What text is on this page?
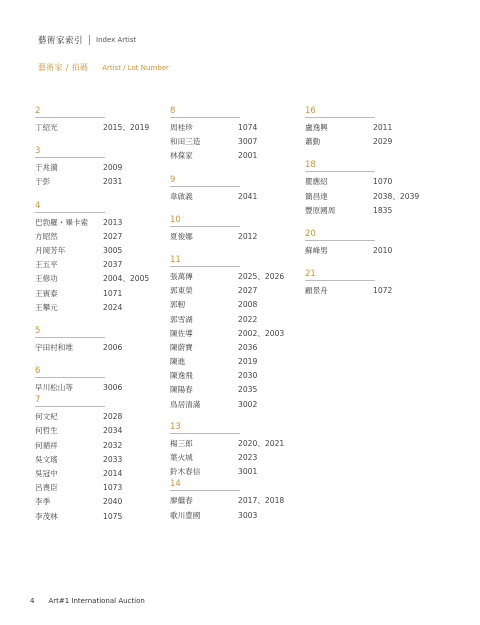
藝術家索引 Index Artist
藝術家 / 拍碼 Artist / Lot Number
2
丁紹光	2015、2019
3
于兆漪	2009
于彭	2031
4
巴勃羅・畢卡索	2013
方昭然	2027
月岡芳年	3005
王五平	2037
王修功	2004、2005
王賓泰	1071
王攀元	2024
5
宇田村和堆	2006
6
早川松山等	3006
7
何文杞	2028
何哲生	2034
何循祥	2032
吳文瑤	2033
吳冠中	2014
呂喪臣	1073
李季	2040
李茂林	1075
8
周桂珍	1074
和田三造	3007
林葆家	2001
9
韋啟義	2041
10
夏俊娜	2012
11
張萬傳	2025、2026
郭東榮	2027
郭軔	2008
郭雪湖	2022
陳佐導	2002、2003
陳蔚寶	2036
陳進	2019
陳逸飛	2030
陳陽春	2035
鳥居清滿	3002
13
楊三郎	2020、2021
葉火城	2023
鈴木春信	3001
14
廖繼春	2017、2018
歌川豊國	3003
16
盧逸興	2011
蕭勤	2029
18
瞿應紹	1070
簡昌達	2038、2039
豐原國周	1835
20
蘇峰男	2010
21
顧景舟	1072
4 Art#1 International Auction
